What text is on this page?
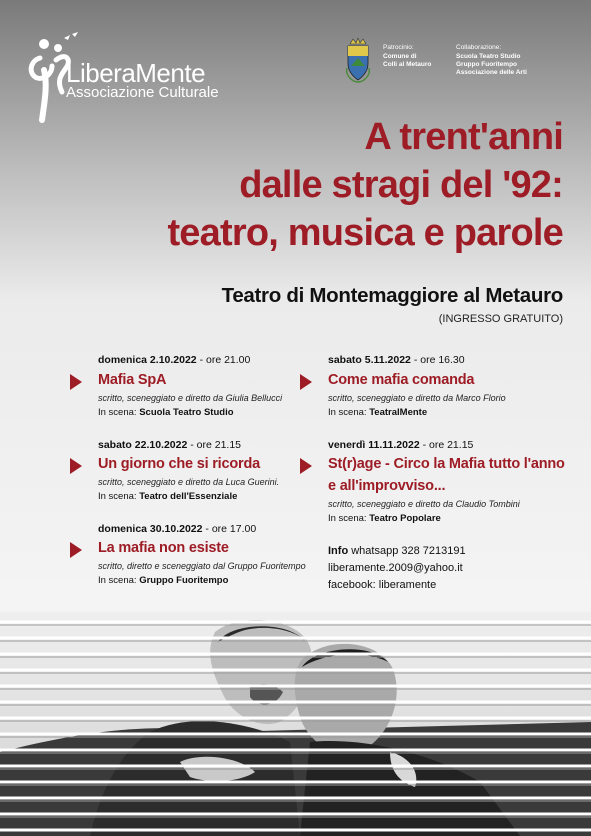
LiberaMente
Associazione Culturale
Patrocinio:
Comune di
Colli al Metauro
Collaborazione:
Scuola Teatro Studio
Gruppo Fuoritempo
Associazione delle Arti
A trent'anni
dalle stragi del '92:
teatro, musica e parole
Teatro di Montemaggiore al Metauro
(INGRESSO GRATUITO)
domenica 2.10.2022 - ore 21.00
Mafia SpA
scritto, sceneggiato e diretto da Giulia Bellucci
In scena: Scuola Teatro Studio
sabato 22.10.2022 - ore 21.15
Un giorno che si ricorda
scritto, sceneggiato e diretto da Luca Guerini.
In scena: Teatro dell'Essenziale
domenica 30.10.2022 - ore 17.00
La mafia non esiste
scritto, diretto e sceneggiato dal Gruppo Fuoritempo
In scena: Gruppo Fuoritempo
sabato 5.11.2022 - ore 16.30
Come mafia comanda
scritto, sceneggiato e diretto da Marco Florio
In scena: TeatralMente
venerdì 11.11.2022 - ore 21.15
St(r)age - Circo la Mafia tutto l'anno
e all'improvviso...
scritto, sceneggiato e diretto da Claudio Tombini
In scena: Teatro Popolare
Info whatsapp 328 7213191
liberamente.2009@yahoo.it
facebook: liberamente
